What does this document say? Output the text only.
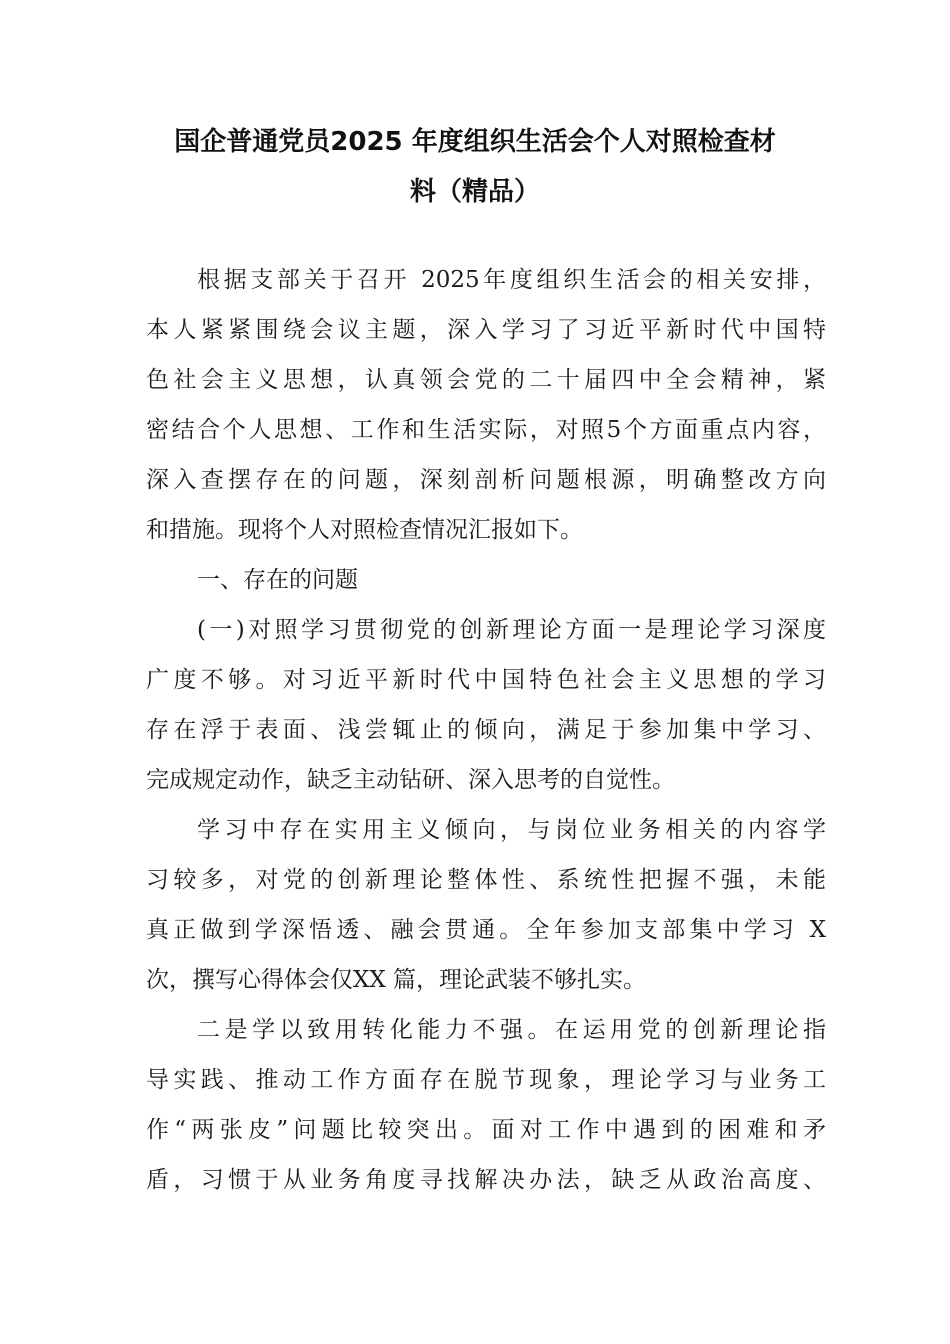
国企普通党员2025 年度组织生活会个人对照检查材
料（精品）

根据支部关于召开 2025年度组织生活会的相关安排，

本人紧紧围绕会议主题，深入学习了习近平新时代中国特

色社会主义思想，认真领会党的二十届四中全会精神，紧

密结合个人思想、工作和生活实际，对照5个方面重点内容，

深入查摆存在的问题，深刻剖析问题根源，明确整改方向

和措施。现将个人对照检查情况汇报如下。

一、存在的问题

(一)对照学习贯彻党的创新理论方面一是理论学习深度

广度不够。对习近平新时代中国特色社会主义思想的学习

存在浮于表面、浅尝辄止的倾向，满足于参加集中学习、

完成规定动作，缺乏主动钻研、深入思考的自觉性。

学习中存在实用主义倾向，与岗位业务相关的内容学

习较多，对党的创新理论整体性、系统性把握不强，未能

真正做到学深悟透、融会贯通。全年参加支部集中学习 X

次，撰写心得体会仅XX 篇，理论武装不够扎实。

二是学以致用转化能力不强。在运用党的创新理论指

导实践、推动工作方面存在脱节现象，理论学习与业务工

作“两张皮”问题比较突出。面对工作中遇到的困难和矛

盾，习惯于从业务角度寻找解决办法，缺乏从政治高度、
